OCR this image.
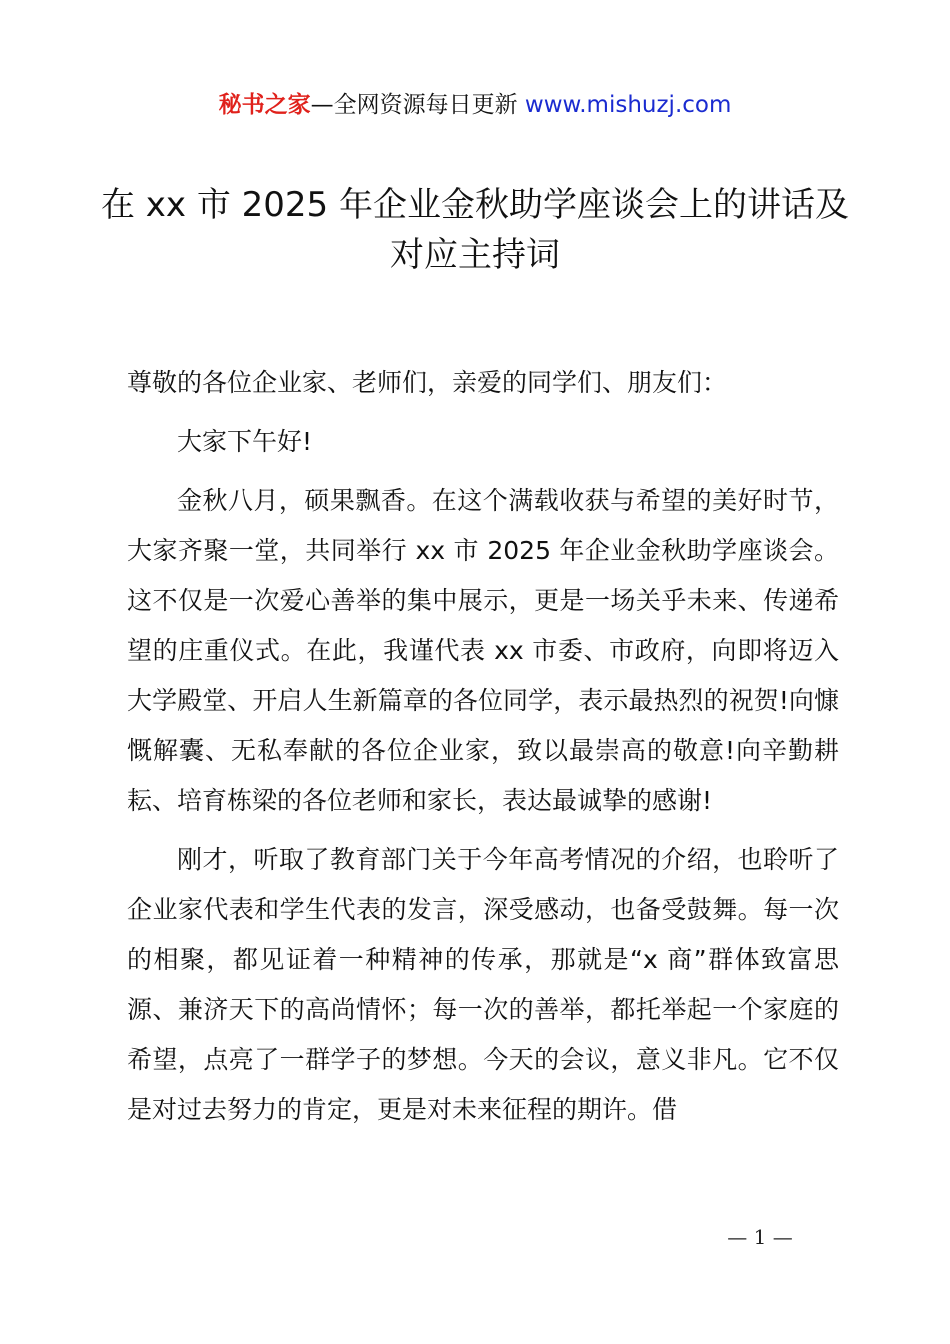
秘书之家—全网资源每日更新 www.mishuzj.com
在 xx 市 2025 年企业金秋助学座谈会上的讲话及对应主持词

尊敬的各位企业家、老师们，亲爱的同学们、朋友们：

大家下午好!

金秋八月，硕果飘香。在这个满载收获与希望的美好时节，大家齐聚一堂，共同举行 xx 市 2025 年企业金秋助学座谈会。这不仅是一次爱心善举的集中展示，更是一场关乎未来、传递希望的庄重仪式。在此，我谨代表 xx 市委、市政府，向即将迈入大学殿堂、开启人生新篇章的各位同学，表示最热烈的祝贺!向慷慨解囊、无私奉献的各位企业家，致以最崇高的敬意!向辛勤耕耘、培育栋梁的各位老师和家长，表达最诚挚的感谢!

刚才，听取了教育部门关于今年高考情况的介绍，也聆听了企业家代表和学生代表的发言，深受感动，也备受鼓舞。每一次的相聚，都见证着一种精神的传承，那就是“x 商”群体致富思源、兼济天下的高尚情怀；每一次的善举，都托举起一个家庭的希望，点亮了一群学子的梦想。今天的会议，意义非凡。它不仅是对过去努力的肯定，更是对未来征程的期许。借

— 1 —
